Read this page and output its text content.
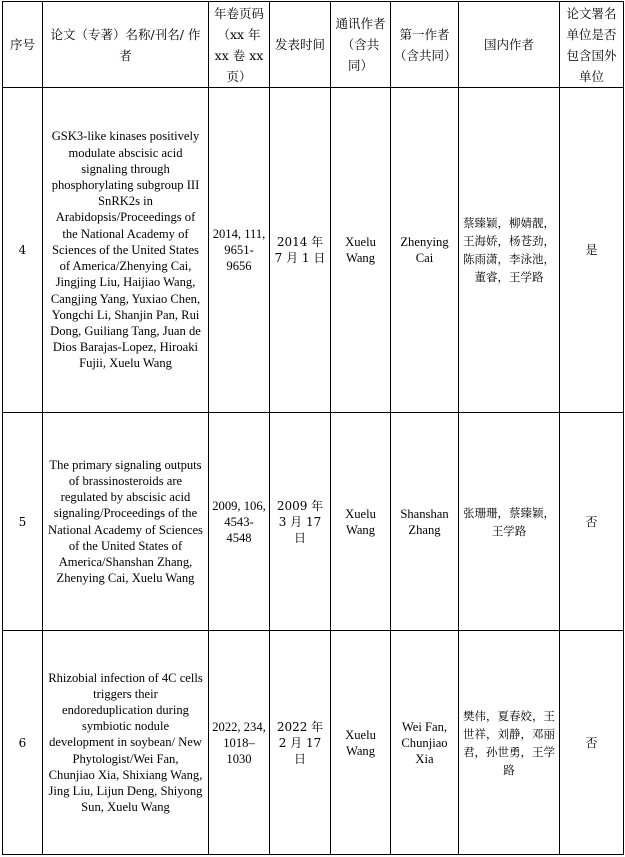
序号	论文（专著）名称/刊名/ 作者	年卷页码（xx 年 xx 卷 xx 页）	发表时间	通讯作者（含共同）	第一作者（含共同）	国内作者	论文署名单位是否包含国外单位
4	GSK3-like kinases positively modulate abscisic acid signaling through phosphorylating subgroup III SnRK2s in Arabidopsis/Proceedings of the National Academy of Sciences of the United States of America/Zhenying Cai, Jingjing Liu, Haijiao Wang, Cangjing Yang, Yuxiao Chen, Yongchi Li, Shanjin Pan, Rui Dong, Guiliang Tang, Juan de Dios Barajas-Lopez, Hiroaki Fujii, Xuelu Wang	2014, 111, 9651-9656	2014 年 7 月 1 日	Xuelu Wang	Zhenying Cai	蔡臻颖，柳婧靓，王海娇，杨苍劲，陈雨潇，李泳池，董睿，王学路	是
5	The primary signaling outputs of brassinosteroids are regulated by abscisic acid signaling/Proceedings of the National Academy of Sciences of the United States of America/Shanshan Zhang, Zhenying Cai, Xuelu Wang	2009, 106, 4543-4548	2009 年 3 月 17 日	Xuelu Wang	Shanshan Zhang	张珊珊，蔡臻颖，王学路	否
6	Rhizobial infection of 4C cells triggers their endoreduplication during symbiotic nodule development in soybean/ New Phytologist/Wei Fan, Chunjiao Xia, Shixiang Wang, Jing Liu, Lijun Deng, Shiyong Sun, Xuelu Wang	2022, 234, 1018–1030	2022 年 2 月 17 日	Xuelu Wang	Wei Fan, Chunjiao Xia	樊伟，夏春姣，王世祥，刘静，邓丽君，孙世勇，王学路	否
